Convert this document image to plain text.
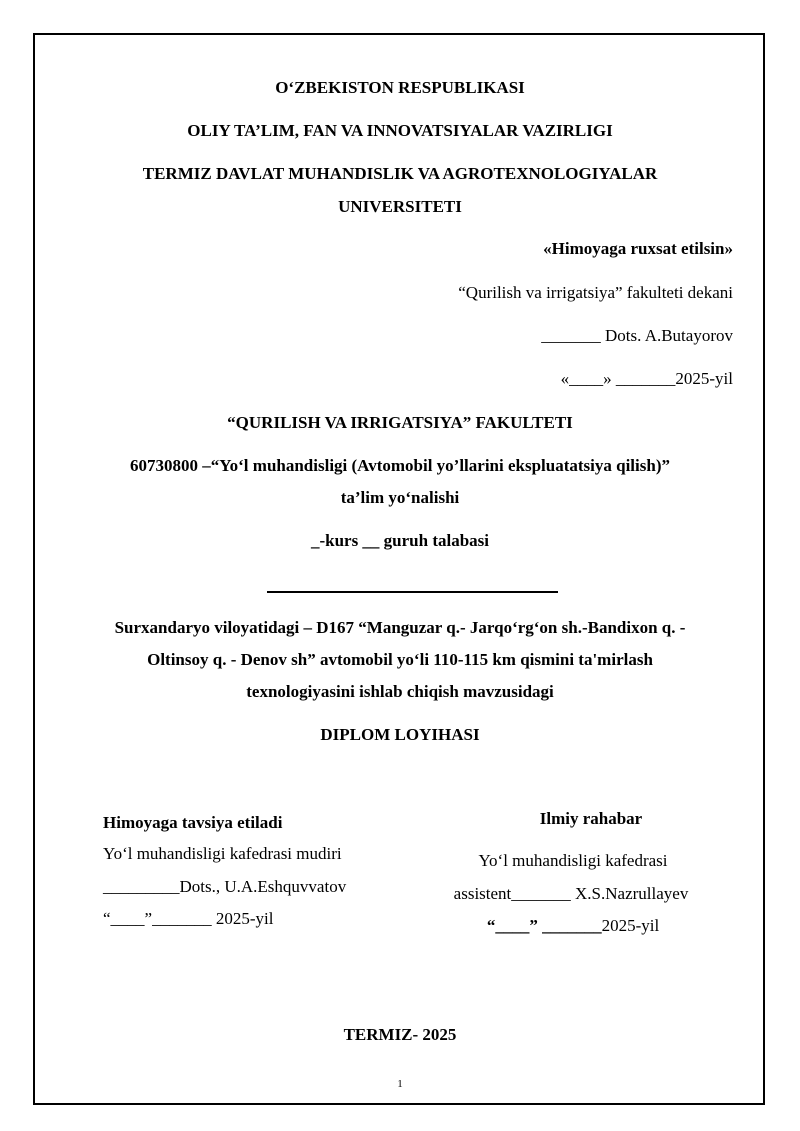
O‘ZBEKISTON RESPUBLIKASI
OLIY TA’LIM, FAN VA INNOVATSIYALAR VAZIRLIGI
TERMIZ DAVLAT MUHANDISLIK VA AGROTEXNOLOGIYALAR
UNIVERSITETI
«Himoyaga ruxsat etilsin»
“Qurilish va irrigatsiya” fakulteti dekani
_______ Dots. A.Butayorov
«____» _______2025-yil
“QURILISH VA IRRIGATSIYA” FAKULTETI
60730800 –“Yo‘l muhandisligi (Avtomobil yo’llarini ekspluatatsiya qilish)”
ta’lim yo‘nalishi
_-kurs __ guruh talabasi
Surxandaryo viloyatidagi – D167 “Manguzar q.- Jarqo‘rg‘on sh.-Bandixon q. -
Oltinsoy q. - Denov sh” avtomobil yo‘li 110-115 km qismini ta'mirlash
texnologiyasini ishlab chiqish mavzusidagi
DIPLOM LOYIHASI
Himoyaga tavsiya etiladi
Yo‘l muhandisligi kafedrasi mudiri
_________Dots., U.A.Eshquvvatov
“____”_______ 2025-yil
Ilmiy rahabar
Yo‘l muhandisligi kafedrasi
assistent_______ X.S.Nazrullayev
“____” _______2025-yil
TERMIZ- 2025
1
